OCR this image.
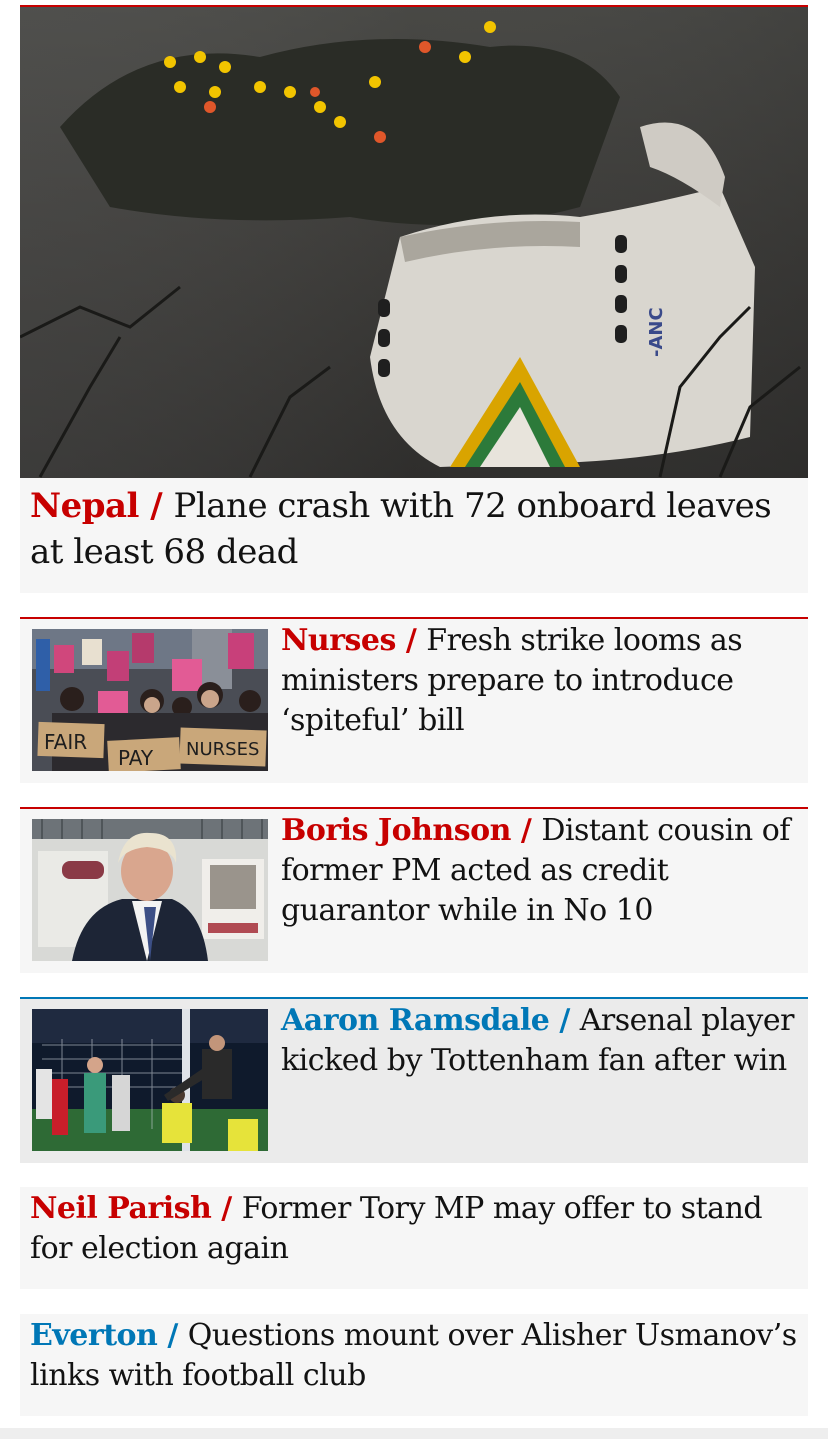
-ANC
Nepal / Plane crash with 72 onboard leaves at least 68 dead
FAIR
PAY NURSES
Nurses / Fresh strike looms as ministers prepare to introduce ‘spiteful’ bill
Boris Johnson / Distant cousin of former PM acted as credit guarantor while in No 10
Aaron Ramsdale / Arsenal player kicked by Tottenham fan after win
Neil Parish / Former Tory MP may offer to stand for election again
Everton / Questions mount over Alisher Usmanov’s links with football club
